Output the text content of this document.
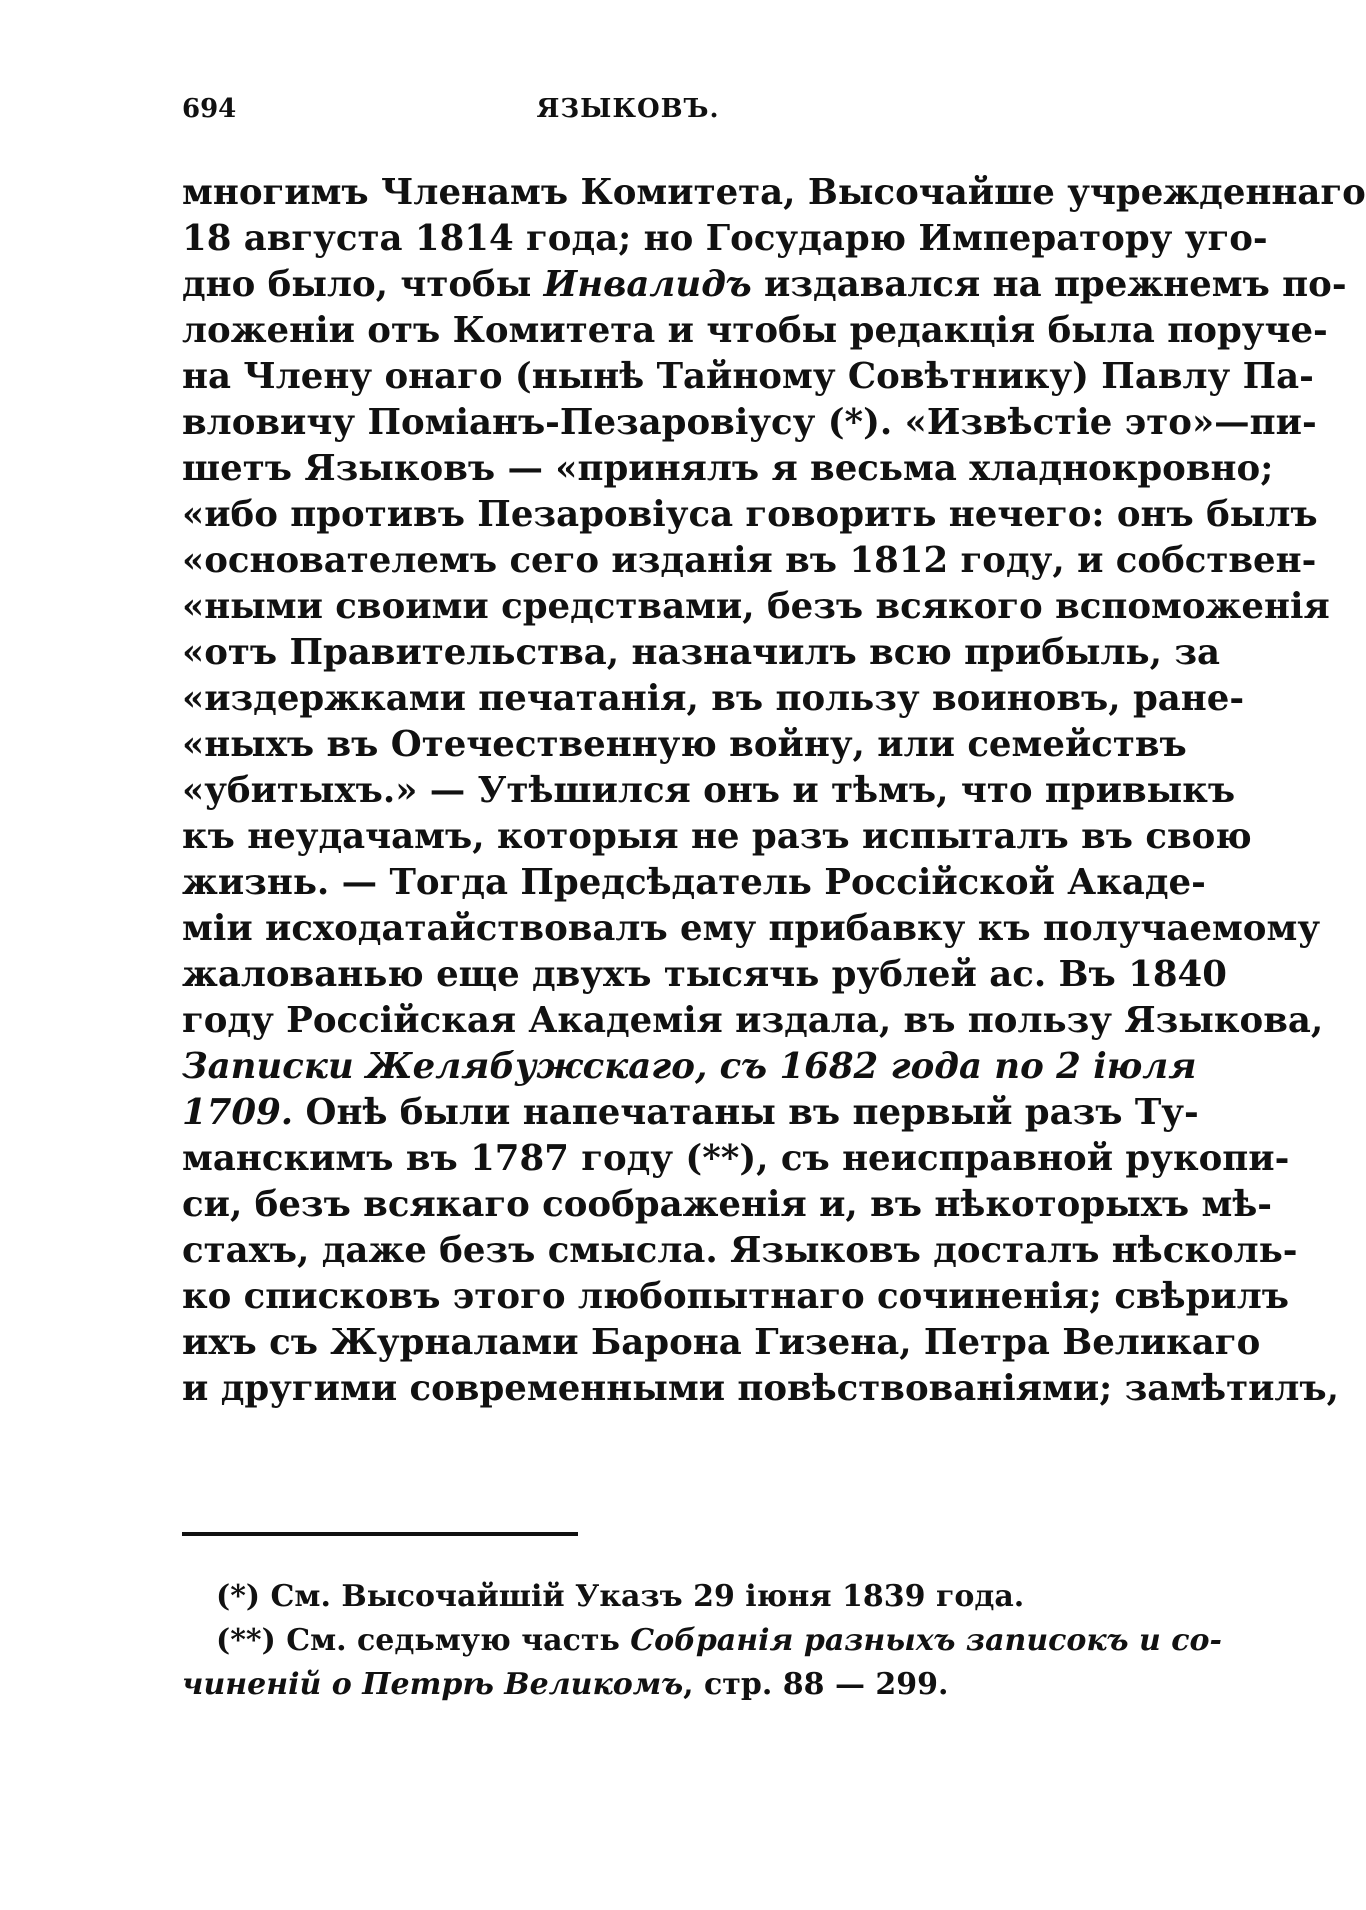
694	ЯЗЫКОВЪ.
многимъ Членамъ Комитета, Высочайше учрежденнаго
18 августа 1814 года; но Государю Императору уго-
дно было, чтобы Инвалидъ издавался на прежнемъ по-
ложеніи отъ Комитета и чтобы редакція была поруче-
на Члену онаго (нынѣ Тайному Совѣтнику) Павлу Па-
вловичу Поміанъ-Пезаровіусу (*). «Извѣстіе это»—пи-
шетъ Языковъ — «принялъ я весьма хладнокровно;
«ибо противъ Пезаровіуса говорить нечего: онъ былъ
«основателемъ сего изданія въ 1812 году, и собствен-
«ными своими средствами, безъ всякого вспоможенія
«отъ Правительства, назначилъ всю прибыль, за
«издержками печатанія, въ пользу воиновъ, ране-
«ныхъ въ Отечественную войну, или семействъ
«убитыхъ.» — Утѣшился онъ и тѣмъ, что привыкъ
къ неудачамъ, которыя не разъ испыталъ въ свою
жизнь. — Тогда Предсѣдатель Россійской Акаде-
міи исходатайствовалъ ему прибавку къ получаемому
жалованью еще двухъ тысячь рублей ас. Въ 1840
году Россійская Академія издала, въ пользу Языкова,
Записки Желябужскаго, съ 1682 года по 2 іюля
1709. Онѣ были напечатаны въ первый разъ Ту-
манскимъ въ 1787 году (**), съ неисправной рукопи-
си, безъ всякаго соображенія и, въ нѣкоторыхъ мѣ-
стахъ, даже безъ смысла. Языковъ досталъ нѣсколь-
ко списковъ этого любопытнаго сочиненія; свѣрилъ
ихъ съ Журналами Барона Гизена, Петра Великаго
и другими современными повѣствованіями; замѣтилъ,
(*) См. Высочайшій Указъ 29 іюня 1839 года.
(**) См. седьмую часть Собранія разныхъ записокъ и со-
чиненій о Петрѣ Великомъ, стр. 88 — 299.
